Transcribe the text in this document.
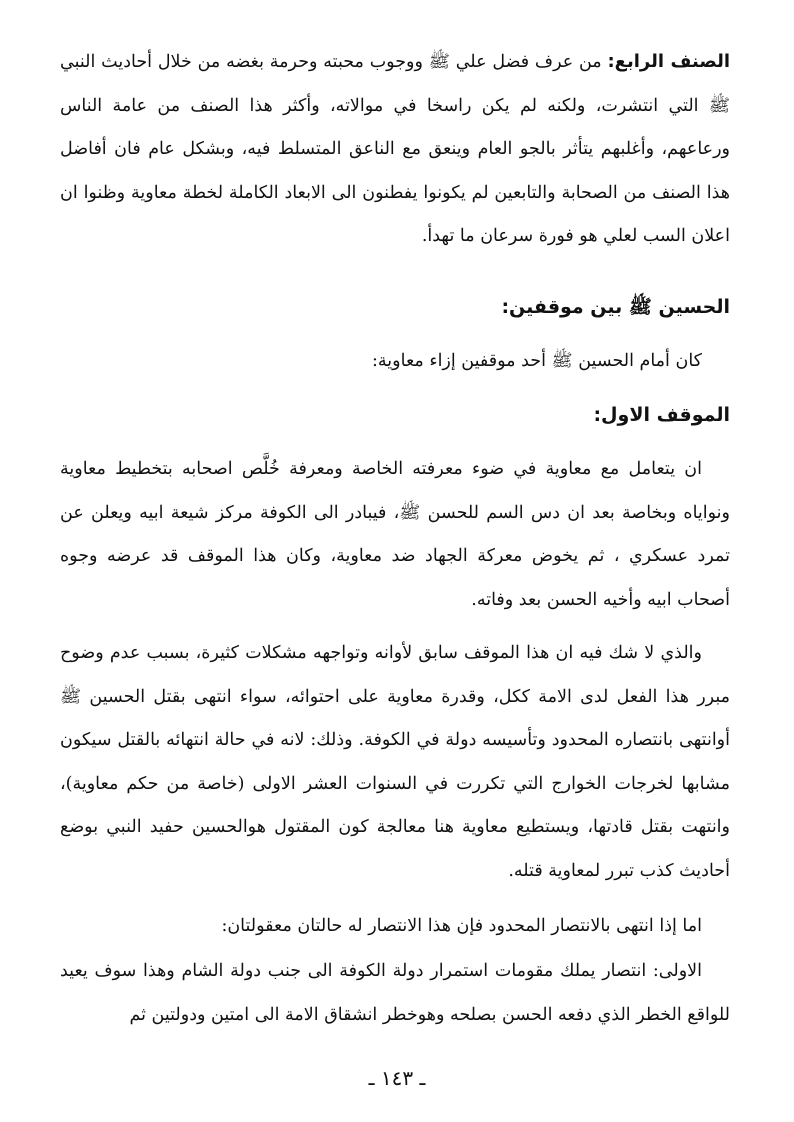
الصنف الرابع: من عرف فضل علي ﷺ ووجوب محبته وحرمة بغضه من خلال أحاديث النبي ﷺ التي انتشرت، ولكنه لم يكن راسخا في موالاته، وأكثر هذا الصنف من عامة الناس ورعاعهم، وأغلبهم يتأثر بالجو العام وينعق مع الناعق المتسلط فيه، وبشكل عام فان أفاضل هذا الصنف من الصحابة والتابعين لم يكونوا يفطنون الى الابعاد الكاملة لخطة معاوية وظنوا ان اعلان السب لعلي هو فورة سرعان ما تهدأ.

الحسين ﷺ بين موقفين:

كان أمام الحسين ﷺ أحد موقفين إزاء معاوية:

الموقف الاول:

ان يتعامل مع معاوية في ضوء معرفته الخاصة ومعرفة خُلَّص اصحابه بتخطيط معاوية ونواياه وبخاصة بعد ان دس السم للحسن ﷺ، فيبادر الى الكوفة مركز شيعة ابيه ويعلن عن تمرد عسكري ، ثم يخوض معركة الجهاد ضد معاوية، وكان هذا الموقف قد عرضه وجوه أصحاب ابيه وأخيه الحسن بعد وفاته.

والذي لا شك فيه ان هذا الموقف سابق لأوانه وتواجهه مشكلات كثيرة، بسبب عدم وضوح مبرر هذا الفعل لدى الامة ككل، وقدرة معاوية على احتوائه، سواء انتهى بقتل الحسين ﷺ أوانتهى بانتصاره المحدود وتأسيسه دولة في الكوفة. وذلك: لانه في حالة انتهائه بالقتل سيكون مشابها لخرجات الخوارج التي تكررت في السنوات العشر الاولى (خاصة من حكم معاوية)، وانتهت بقتل قادتها، ويستطيع معاوية هنا معالجة كون المقتول هوالحسين حفيد النبي بوضع أحاديث كذب تبرر لمعاوية قتله.

اما إذا انتهى بالانتصار المحدود فإن هذا الانتصار له حالتان معقولتان:

الاولى: انتصار يملك مقومات استمرار دولة الكوفة الى جنب دولة الشام وهذا سوف يعيد للواقع الخطر الذي دفعه الحسن بصلحه وهوخطر انشقاق الامة الى امتين ودولتين ثم

ـ ١٤٣ ـ
